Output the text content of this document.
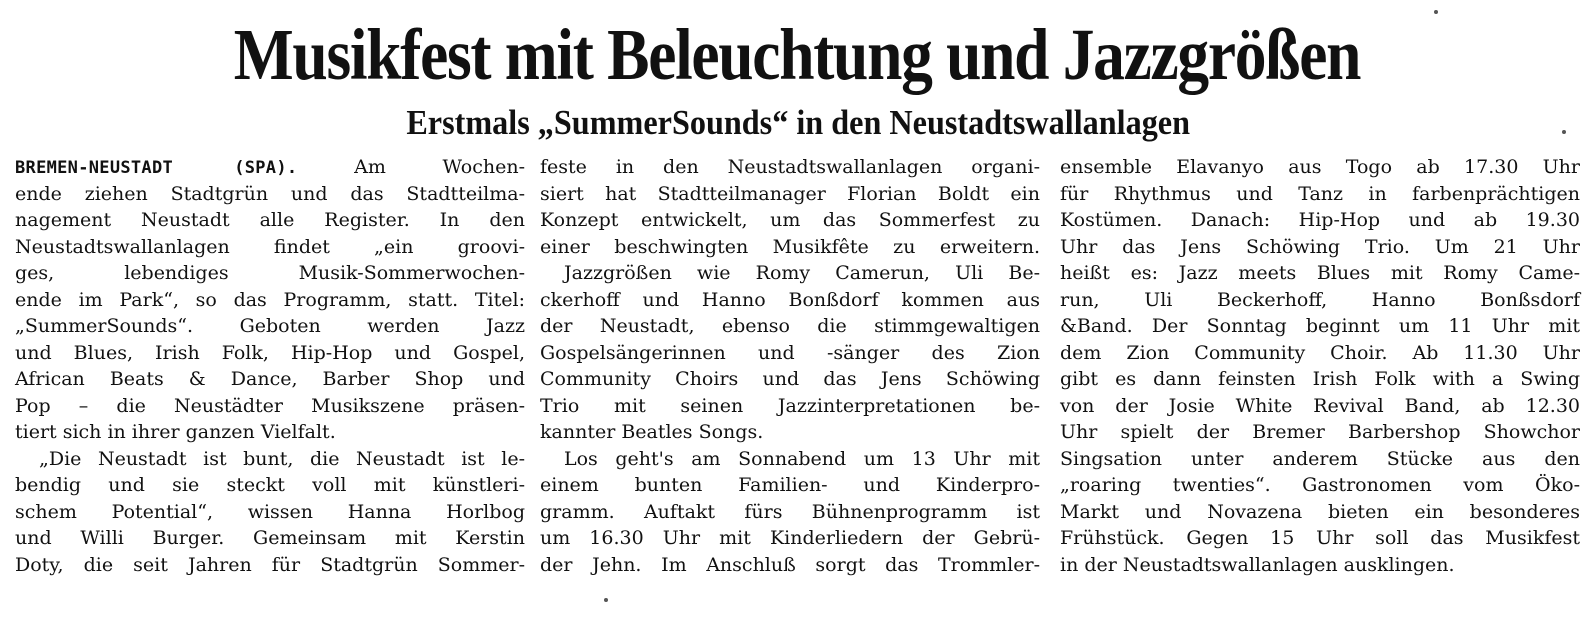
Musikfest mit Beleuchtung und Jazzgrößen
Erstmals „SummerSounds“ in den Neustadtswallanlagen
BREMEN-NEUSTADT (SPA). Am Wochen-
ende ziehen Stadtgrün und das Stadtteilma-
nagement Neustadt alle Register. In den
Neustadtswallanlagen findet „ein groovi-
ges, lebendiges Musik-Sommerwochen-
ende im Park“, so das Programm, statt. Titel:
„SummerSounds“. Geboten werden Jazz
und Blues, Irish Folk, Hip-Hop und Gospel,
African Beats & Dance, Barber Shop und
Pop – die Neustädter Musikszene präsen-
tiert sich in ihrer ganzen Vielfalt.
„Die Neustadt ist bunt, die Neustadt ist le-
bendig und sie steckt voll mit künstleri-
schem Potential“, wissen Hanna Horlbog
und Willi Burger. Gemeinsam mit Kerstin
Doty, die seit Jahren für Stadtgrün Sommer-
feste in den Neustadtswallanlagen organi-
siert hat Stadtteilmanager Florian Boldt ein
Konzept entwickelt, um das Sommerfest zu
einer beschwingten Musikfête zu erweitern.
Jazzgrößen wie Romy Camerun, Uli Be-
ckerhoff und Hanno Bonßdorf kommen aus
der Neustadt, ebenso die stimmgewaltigen
Gospelsängerinnen und -sänger des Zion
Community Choirs und das Jens Schöwing
Trio mit seinen Jazzinterpretationen be-
kannter Beatles Songs.
Los geht's am Sonnabend um 13 Uhr mit
einem bunten Familien- und Kinderpro-
gramm. Auftakt fürs Bühnenprogramm ist
um 16.30 Uhr mit Kinderliedern der Gebrü-
der Jehn. Im Anschluß sorgt das Trommler-
ensemble Elavanyo aus Togo ab 17.30 Uhr
für Rhythmus und Tanz in farbenprächtigen
Kostümen. Danach: Hip-Hop und ab 19.30
Uhr das Jens Schöwing Trio. Um 21 Uhr
heißt es: Jazz meets Blues mit Romy Came-
run, Uli Beckerhoff, Hanno Bonßsdorf
&Band. Der Sonntag beginnt um 11 Uhr mit
dem Zion Community Choir. Ab 11.30 Uhr
gibt es dann feinsten Irish Folk with a Swing
von der Josie White Revival Band, ab 12.30
Uhr spielt der Bremer Barbershop Showchor
Singsation unter anderem Stücke aus den
„roaring twenties“. Gastronomen vom Öko-
Markt und Novazena bieten ein besonderes
Frühstück. Gegen 15 Uhr soll das Musikfest
in der Neustadtswallanlagen ausklingen.
